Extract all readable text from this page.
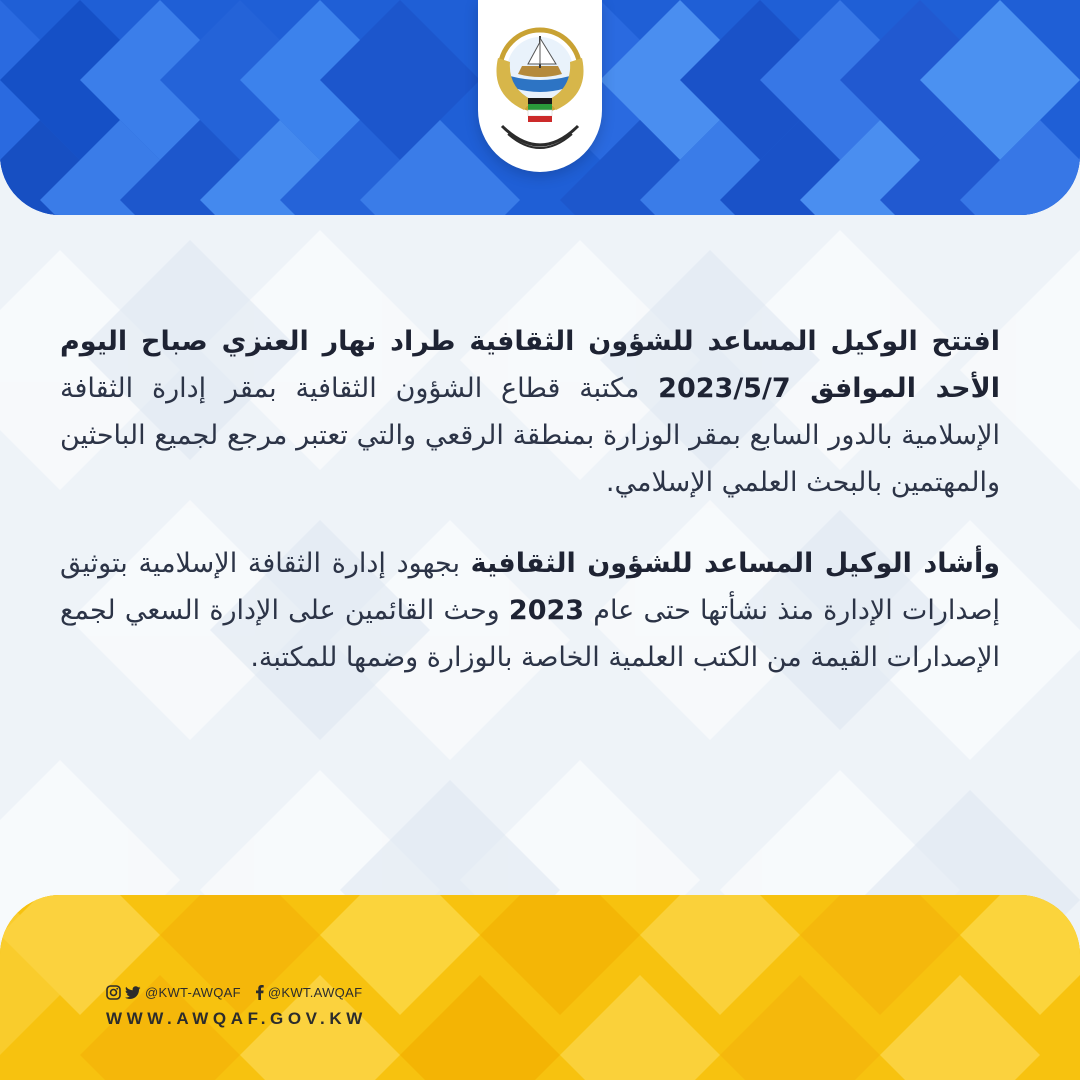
افتتح الوكيل المساعد للشؤون الثقافية طراد نهار العنزي صباح اليوم الأحد الموافق 2023/5/7 مكتبة قطاع الشؤون الثقافية بمقر إدارة الثقافة الإسلامية بالدور السابع بمقر الوزارة بمنطقة الرقعي والتي تعتبر مرجع لجميع الباحثين والمهتمين بالبحث العلمي الإسلامي.

وأشاد الوكيل المساعد للشؤون الثقافية بجهود إدارة الثقافة الإسلامية بتوثيق إصدارات الإدارة منذ نشأتها حتى عام 2023 وحث القائمين على الإدارة السعي لجمع الإصدارات القيمة من الكتب العلمية الخاصة بالوزارة وضمها للمكتبة.

@KWT-AWQAF @KWT.AWQAF
WWW.AWQAF.GOV.KW
